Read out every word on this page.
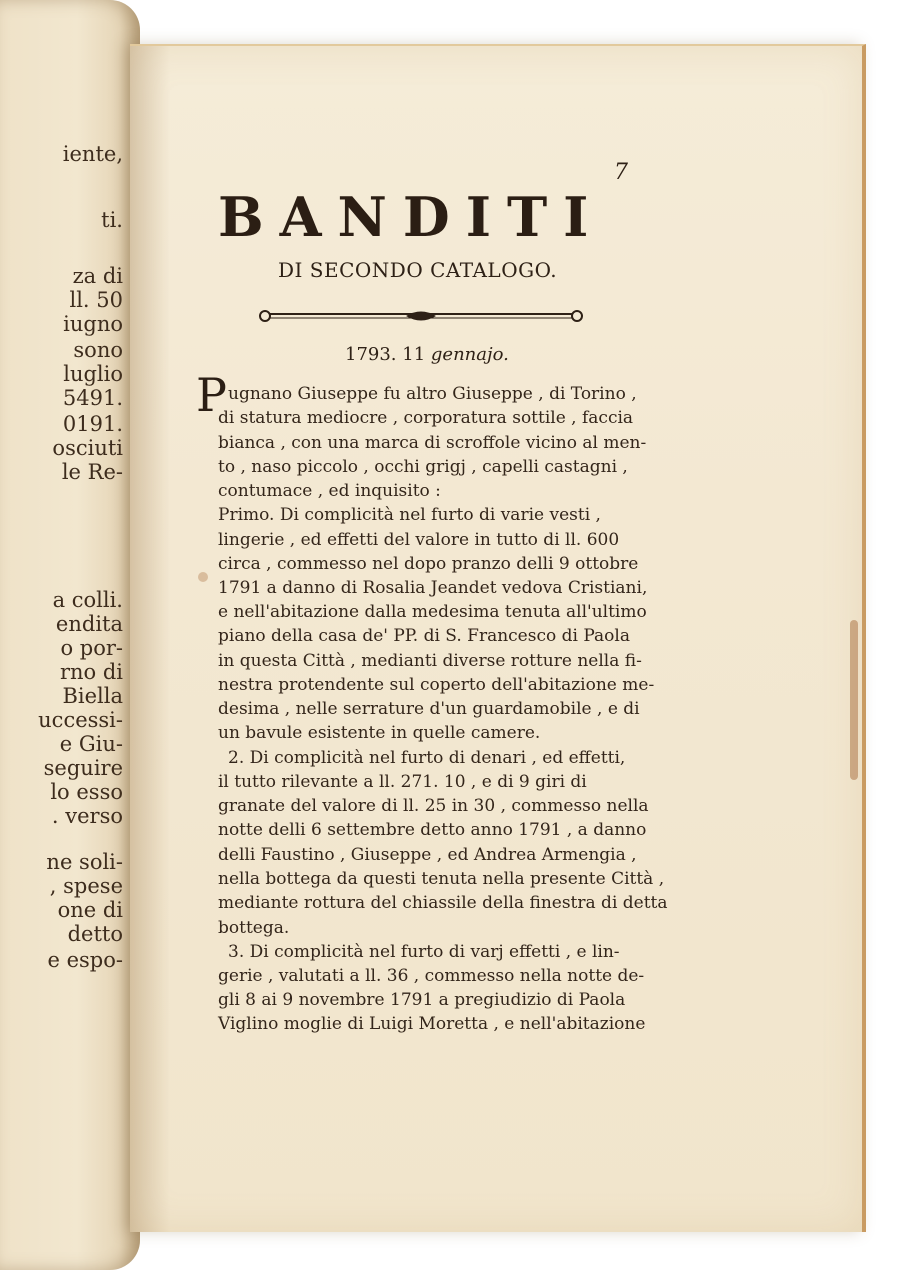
iente,
ti.
za di
ll. 50
iugno
sono
luglio
5491.
0191.
osciuti
le Re-
a colli.
endita
o por-
rno di
Biella
uccessi-
e Giu-
seguire
lo esso
. verso
ne soli-
, spese
one di
detto
e espo-
7
BANDITI
DI SECONDO CATALOGO.
1793. 11 gennajo.
P ugnano Giuseppe fu altro Giuseppe , di Torino ,
di statura mediocre , corporatura sottile , faccia
bianca , con una marca di scroffole vicino al men-
to , naso piccolo , occhi grigj , capelli castagni ,
contumace , ed inquisito :
Primo. Di complicità nel furto di varie vesti ,
lingerie , ed effetti del valore in tutto di ll. 600
circa , commesso nel dopo pranzo delli 9 ottobre
1791 a danno di Rosalia Jeandet vedova Cristiani,
e nell'abitazione dalla medesima tenuta all'ultimo
piano della casa de' PP. di S. Francesco di Paola
in questa Città , medianti diverse rotture nella fi-
nestra protendente sul coperto dell'abitazione me-
desima , nelle serrature d'un guardamobile , e di
un bavule esistente in quelle camere.
2. Di complicità nel furto di denari , ed effetti,
il tutto rilevante a ll. 271. 10 , e di 9 giri di
granate del valore di ll. 25 in 30 , commesso nella
notte delli 6 settembre detto anno 1791 , a danno
delli Faustino , Giuseppe , ed Andrea Armengia ,
nella bottega da questi tenuta nella presente Città ,
mediante rottura del chiassile della finestra di detta
bottega.
3. Di complicità nel furto di varj effetti , e lin-
gerie , valutati a ll. 36 , commesso nella notte de-
gli 8 ai 9 novembre 1791 a pregiudizio di Paola
Viglino moglie di Luigi Moretta , e nell'abitazione
